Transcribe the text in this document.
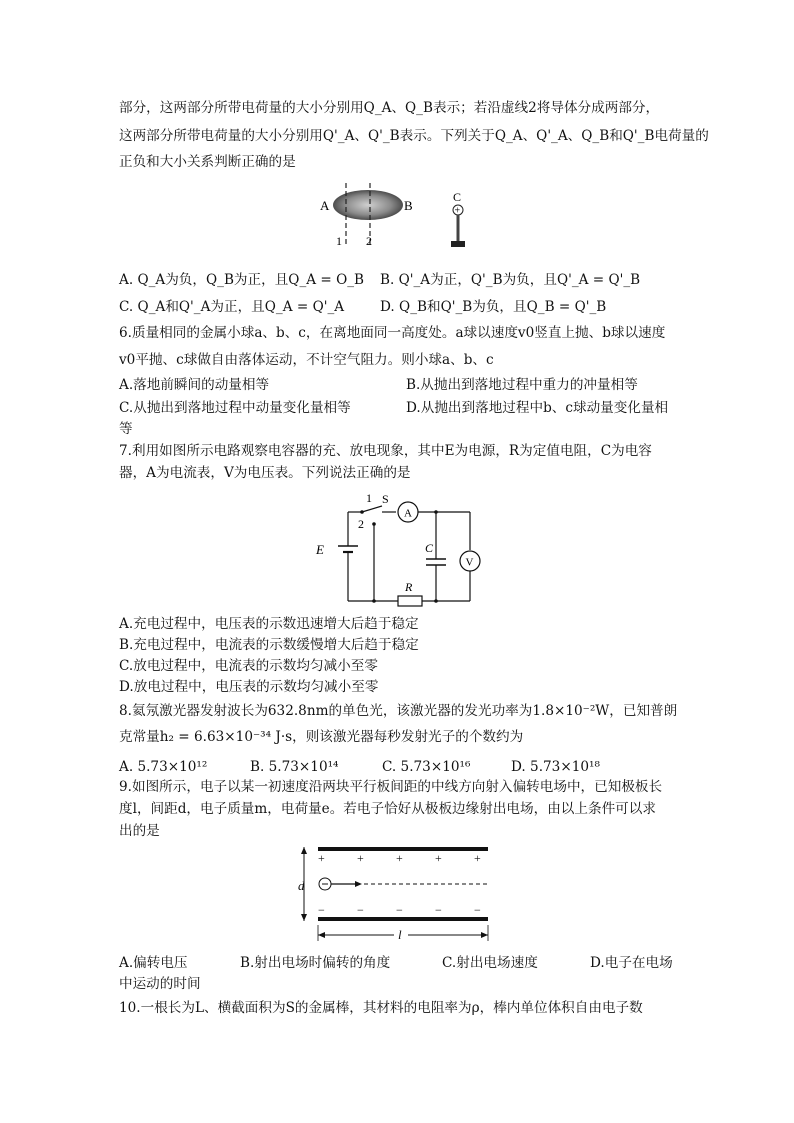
部分，这两部分所带电荷量的大小分别用Q_A、Q_B表示；若沿虚线2将导体分成两部分，
这两部分所带电荷量的大小分别用Q'_A、Q'_B表示。下列关于Q_A、Q'_A、Q_B和Q'_B电荷量的
正负和大小关系判断正确的是
A	B
1 2
C
+
A. Q_A为负，Q_B为正，且Q_A = O_B B. Q'_A为正，Q'_B为负，且Q'_A = Q'_B
C. Q_A和Q'_A为正，且Q_A = Q'_A	D. Q_B和Q'_B为负，且Q_B = Q'_B
6.质量相同的金属小球a、b、c，在离地面同一高度处。a球以速度v0竖直上抛、b球以速度
v0平抛、c球做自由落体运动，不计空气阻力。则小球a、b、c
A.落地前瞬间的动量相等	B.从抛出到落地过程中重力的冲量相等
C.从抛出到落地过程中动量变化量相等	D.从抛出到落地过程中b、c球动量变化量相
等
7.利用如图所示电路观察电容器的充、放电现象，其中E为电源，R为定值电阻，C为电容
器，A为电流表，V为电压表。下列说法正确的是
1
2
S
A
V
C
E
R
A.充电过程中，电压表的示数迅速增大后趋于稳定
B.充电过程中，电流表的示数缓慢增大后趋于稳定
C.放电过程中，电流表的示数均匀减小至零
D.放电过程中，电压表的示数均匀减小至零
8.氦氖激光器发射波长为632.8nm的单色光，该激光器的发光功率为1.8×10⁻²W，已知普朗
克常量h₂ = 6.63×10⁻³⁴ J·s，则该激光器每秒发射光子的个数约为
A. 5.73×10¹²	B. 5.73×10¹⁴	C. 5.73×10¹⁶	D. 5.73×10¹⁸
9.如图所示，电子以某一初速度沿两块平行板间距的中线方向射入偏转电场中，已知极板长
度l，间距d，电子质量m，电荷量e。若电子恰好从极板边缘射出电场，由以上条件可以求
出的是
+	+	+	+	+
−	−	−	−	−
d
l
A.偏转电压	B.射出电场时偏转的角度	C.射出电场速度	D.电子在电场
中运动的时间
10.一根长为L、横截面积为S的金属棒，其材料的电阻率为ρ，棒内单位体积自由电子数
